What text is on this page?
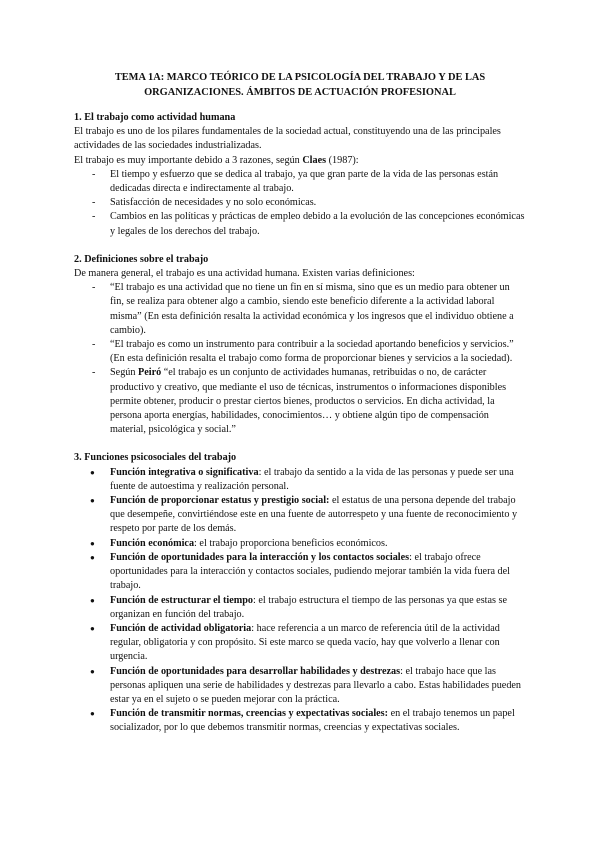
TEMA 1A: MARCO TEÓRICO DE LA PSICOLOGÍA DEL TRABAJO Y DE LAS
ORGANIZACIONES. ÁMBITOS DE ACTUACIÓN PROFESIONAL
1. El trabajo como actividad humana

El trabajo es uno de los pilares fundamentales de la sociedad actual, constituyendo una de las principales actividades de las sociedades industrializadas.

El trabajo es muy importante debido a 3 razones, según Claes (1987):

- El tiempo y esfuerzo que se dedica al trabajo, ya que gran parte de la vida de las personas están dedicadas directa e indirectamente al trabajo.
- Satisfacción de necesidades y no solo económicas.
- Cambios en las políticas y prácticas de empleo debido a la evolución de las concepciones económicas y legales de los derechos del trabajo.
2. Definiciones sobre el trabajo

De manera general, el trabajo es una actividad humana. Existen varias definiciones:

- “El trabajo es una actividad que no tiene un fin en sí misma, sino que es un medio para obtener un fin, se realiza para obtener algo a cambio, siendo este beneficio diferente a la actividad laboral misma” (En esta definición resalta la actividad económica y los ingresos que el individuo obtiene a cambio).
- “El trabajo es como un instrumento para contribuir a la sociedad aportando beneficios y servicios.” (En esta definición resalta el trabajo como forma de proporcionar bienes y servicios a la sociedad).
- Según Peiró “el trabajo es un conjunto de actividades humanas, retribuidas o no, de carácter productivo y creativo, que mediante el uso de técnicas, instrumentos o informaciones disponibles permite obtener, producir o prestar ciertos bienes, productos o servicios. En dicha actividad, la persona aporta energías, habilidades, conocimientos… y obtiene algún tipo de compensación material, psicológica y social.”
3. Funciones psicosociales del trabajo
● Función integrativa o significativa: el trabajo da sentido a la vida de las personas y puede ser una fuente de autoestima y realización personal.
● Función de proporcionar estatus y prestigio social: el estatus de una persona depende del trabajo que desempeñe, convirtiéndose este en una fuente de autorrespeto y una fuente de reconocimiento y respeto por parte de los demás.
● Función económica: el trabajo proporciona beneficios económicos.
● Función de oportunidades para la interacción y los contactos sociales: el trabajo ofrece oportunidades para la interacción y contactos sociales, pudiendo mejorar también la vida fuera del trabajo.
● Función de estructurar el tiempo: el trabajo estructura el tiempo de las personas ya que estas se organizan en función del trabajo.
● Función de actividad obligatoria: hace referencia a un marco de referencia útil de la actividad regular, obligatoria y con propósito. Si este marco se queda vacío, hay que volverlo a llenar con urgencia.
● Función de oportunidades para desarrollar habilidades y destrezas: el trabajo hace que las personas apliquen una serie de habilidades y destrezas para llevarlo a cabo. Estas habilidades pueden estar ya en el sujeto o se pueden mejorar con la práctica.
● Función de transmitir normas, creencias y expectativas sociales: en el trabajo tenemos un papel socializador, por lo que debemos transmitir normas, creencias y expectativas sociales.
